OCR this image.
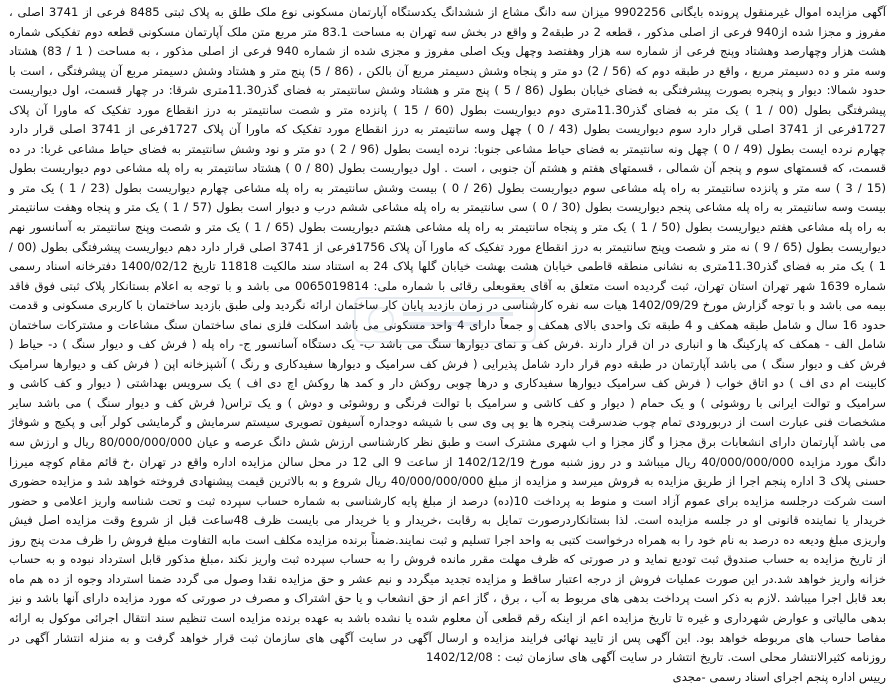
آگهی مزایده اموال غیرمنقول پرونده بایگانی 9902256 میزان سه دانگ مشاع از ششدانگ یکدستگاه آپارتمان مسکونی نوع ملک طلق به پلاک ثبتی 8485 فرعی از 3741 اصلی ، مفروز و مجزا شده از940 فرعی از اصلی مذکور ، قطعه 2 در طبقه2 و واقع در بخش سه تهران به مساحت 83.1 متر مربع متن ملک آپارتمان مسکونی قطعه دوم تفکیکی شماره هشت هزار وچهارصد وهشتاد وپنج فرعی از شماره سه هزار وهفتصد وچهل ویک اصلی مفروز و مجزی شده از شماره 940 فرعی از اصلی مذکور ، به مساحت ( 1 / 83) هشتاد وسه متر و ده دسیمتر مربع ، واقع در طبقه دوم که (56 / 2) دو متر و پنجاه وشش دسیمتر مربع آن بالکن ، (86 / 5) پنج متر و هشتاد وشش دسیمتر مربع آن پیشرفتگی ، است با حدود شمالا: دیوار و پنجره بصورت پیشرفتگی به فضای خیابان بطول (86 / 5 ) پنج متر و هشتاد وشش سانتیمتر به فضای گذر11.30متری شرقا: در چهار قسمت، اول دیواریست پیشرفتگی بطول (00 / 1 ) یک متر به فضای گذر11.30متری دوم دیواریست بطول (60 / 15 ) پانزده متر و شصت سانتیمتر به درز انقطاع مورد تفکیک که ماورا آن پلاک 1727فرعی از 3741 اصلی قرار دارد سوم دیواریست بطول (43 / 0 ) چهل وسه سانتیمتر به درز انقطاع مورد تفکیک که ماورا آن پلاک 1727فرعی از 3741 اصلی قرار دارد چهارم نرده ایست بطول (49 / 0 ) چهل ونه سانتیمتر به فضای حیاط مشاعی جنوبا: نرده ایست بطول (96 / 2 ) دو متر و نود وشش سانتیمتر به فضای حیاط مشاعی غربا: در ده قسمت، که قسمتهای سوم و پنجم آن شمالی ، قسمتهای هفتم و هشتم آن جنوبی ، است . اول دیواریست بطول (80 / 0 ) هشتاد سانتیمتر به راه پله مشاعی دوم دیواریست بطول (15 / 3 ) سه متر و پانزده سانتیمتر به راه پله مشاعی سوم دیواریست بطول (26 / 0 ) بیست وشش سانتیمتر به راه پله مشاعی چهارم دیواریست بطول (23 / 1 ) یک متر و بیست وسه سانتیمتر به راه پله مشاعی پنجم دیواریست بطول (30 / 0 ) سی سانتیمتر به راه پله مشاعی ششم درب و دیوار است بطول (57 / 1 ) یک متر و پنجاه وهفت سانتیمتر به راه پله مشاعی هفتم دیواریست بطول (50 / 1 ) یک متر و پنجاه سانتیمتر به راه پله مشاعی هشتم دیواریست بطول (65 / 1 ) یک متر و شصت وپنج سانتیمتر به آسانسور نهم دیواریست بطول (65 / 9 ) نه متر و شصت وپنج سانتیمتر به درز انقطاع مورد تفکیک که ماورا آن پلاک 1756فرعی از 3741 اصلی قرار دارد دهم دیواریست پیشرفتگی بطول (00 / 1 ) یک متر به فضای گذر11.30متری به نشانی منطقه قاطمی خیابان هشت بهشت خیابان گلها پلاک 24 به استناد سند مالکیت 11818 تاریخ 1400/02/12 دفترخانه اسناد رسمی شماره 1639 شهر تهران استان تهران، ثبت گردیده است متعلق به آقای یعقوبعلی رقائی با شماره ملی: 0065019814 می باشد و با توجه به اعلام بستانکار پلاک ثبتی فوق فاقد بیمه می باشد و با توجه گزارش مورخ 1402/09/29 هیات سه نفره کارشناسی در زمان بازدید پایان کار ساختمان ارائه نگردید ولی طبق بازدید ساختمان با کاربری مسکونی و قدمت حدود 16 سال و شامل طبقه همکف و 4 طبقه تک واحدی بالای همکف و جمعاً دارای 4 واحد مسکونی می باشد اسکلت فلزی نمای ساختمان سنگ مشاعات و مشترکات ساختمان شامل الف - همکف که پارکینگ ها و انباری در ان قرار دارند .فرش کف و نمای دیوارها سنگ می باشد ب- یک دستگاه آسانسور ج- راه پله ( فرش کف و دیوار سنگ ) د- حیاط ( فرش کف و دیوار سنگ ) می باشد آپارتمان در طبقه دوم قرار دارد شامل پذیرایی ( فرش کف سرامیک و دیوارها سفیدکاری و رنگ ) آشپزخانه اپن ( فرش کف و دیوارها سرامیک کابینت ام دی اف ) دو اتاق خواب ( فرش کف سرامیک دیوارها سفیدکاری و درها چوبی روکش دار و کمد ها روکش اچ دی اف ) یک سرویس بهداشتی ( دیوار و کف کاشی و سرامیک و توالت ایرانی با روشوئی ) و یک حمام ( دیوار و کف کاشی و سرامیک با توالت فرنگی و روشوئی و دوش ) و یک تراس( فرش کف و دیوار سنگ ) می باشد سایر مشخصات فنی عبارت است از دربورودی تمام چوب ضدسرقت پنجره ها یو پی وی سی با شیشه دوجداره آسیفون تصویری سیستم سرمایش و گرمایشی کولر آبی و پکیج و شوفاژ می باشد آپارتمان دارای انشعابات برق مجزا و گاز مجزا و اب شهری مشترک است و طبق نظر کارشناسی ارزش شش دانگ عرصه و عیان 80/000/000/000 ریال و ارزش سه دانگ مورد مزایده 40/000/000/000 ریال میباشد و در روز شنبه مورخ 1402/12/19 از ساعت 9 الی 12 در محل سالن مزایده اداره واقع در تهران ،خ قائم مقام کوچه میرزا حسنی پلاک 3 اداره پنجم اجرا از طریق مزایده به فروش میرسد و مزایده از مبلغ 40/000/000/000 ریال شروع و به بالاترین قیمت پیشنهادی فروخته خواهد شد و مزایده حضوری است شرکت درجلسه مزایده برای عموم آزاد است و منوط به پرداخت 10(ده) درصد از مبلغ پایه کارشناسی به شماره حساب سپرده ثبت و تحت شناسه واریز اعلامی و حضور خریدار یا نماینده قانونی او در جلسه مزایده است. لذا بستانکاردرصورت تمایل به رقابت ،خریدار و یا خریدار می بایست ظرف 48ساعت قبل از شروع وقت مزایده اصل فیش واریزی مبلغ ودیعه ده درصد به نام خود را به همراه درخواست کتبی به واحد اجرا تسلیم و ثبت نمایند.ضمناً برنده مزایده مکلف است مابه التفاوت مبلغ فروش را ظرف مدت پنج روز از تاریخ مزایده به حساب صندوق ثبت تودیع نماید و در صورتی که ظرف مهلت مقرر مانده فروش را به حساب سپرده ثبت واریز نکند ،مبلغ مذکور قابل استرداد نبوده و به حساب خزانه واریز خواهد شد.در این صورت عملیات فروش از درجه اعتبار ساقط و مزایده تجدید میگردد و نیم عشر و حق مزایده نقدا وصول می گردد ضمنا استرداد وجوه از ده هم ماه بعد قابل اجرا میباشد .لازم به ذکر است پرداخت بدهی های مربوط به آب ، برق ، گاز اعم از حق انشعاب و یا حق اشتراک و مصرف در صورتی که مورد مزایده دارای آنها باشد و نیز بدهی مالیاتی و عوارض شهرداری و غیره تا تاریخ مزایده اعم از اینکه رقم قطعی آن معلوم شده یا نشده باشد به عهده برنده مزایده است تنظیم سند انتقال اجرائی موکول به ارائه مفاصا حساب های مربوطه خواهد بود. این آگهی پس از تایید نهائی فرایند مزایده و ارسال آگهی در سایت آگهی های سازمان ثبت قرار خواهد گرفت و به منزله انتشار آگهی در روزنامه کثیرالانتشار محلی است. تاریخ انتشار در سایت آگهی های سازمان ثبت : 1402/12/08

رییس اداره پنجم اجرای اسناد رسمی -مجدی
